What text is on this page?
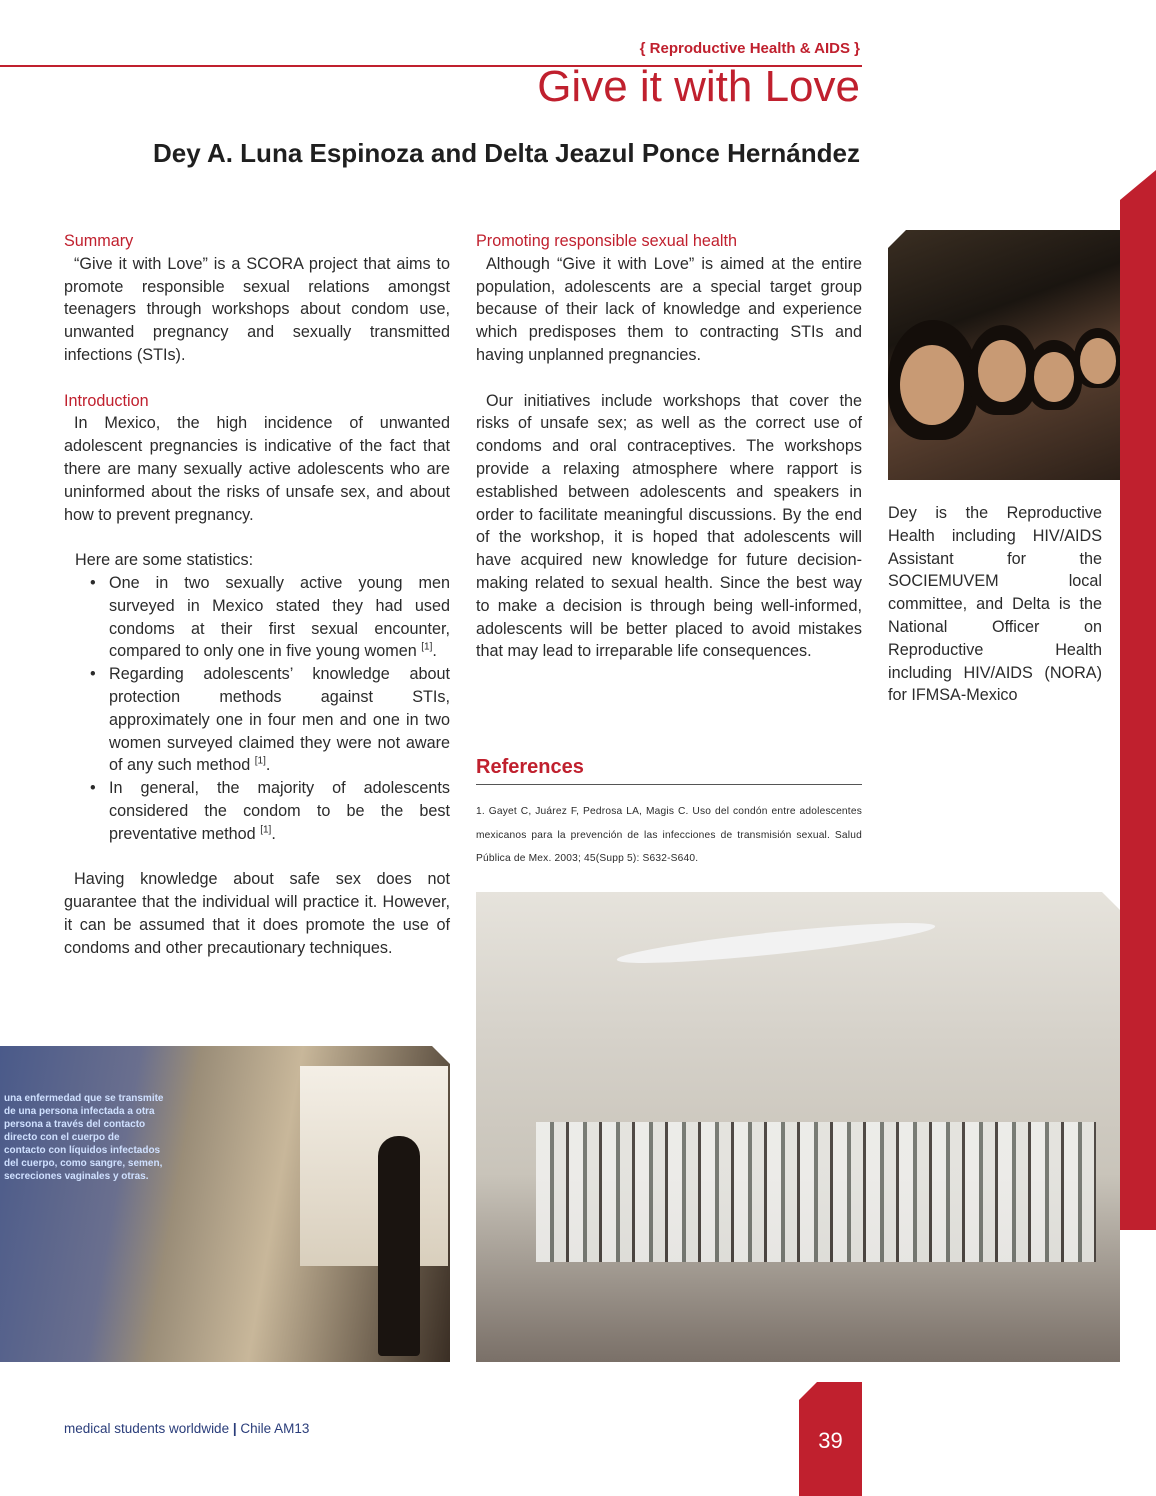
{ Reproductive Health & AIDS }
Give it with Love
Dey A. Luna Espinoza and Delta Jeazul Ponce Hernández

Summary

“Give it with Love” is a SCORA project that aims to promote responsible sexual relations amongst teenagers through workshops about condom use, unwanted pregnancy and sexually transmitted infections (STIs).

Introduction

In Mexico, the high incidence of unwanted adolescent pregnancies is indicative of the fact that there are many sexually active adolescents who are uninformed about the risks of unsafe sex, and about how to prevent pregnancy.

Here are some statistics:

• One in two sexually active young men surveyed in Mexico stated they had used condoms at their first sexual encounter, compared to only one in five young women [1].
• Regarding adolescents’ knowledge about protection methods against STIs, approximately one in four men and one in two women surveyed claimed they were not aware of any such method [1].
• In general, the majority of adolescents considered the condom to be the best preventative method [1].

Having knowledge about safe sex does not guarantee that the individual will practice it. However, it can be assumed that it does promote the use of condoms and other precautionary techniques.

Promoting responsible sexual health

Although “Give it with Love” is aimed at the entire population, adolescents are a special target group because of their lack of knowledge and experience which predisposes them to contracting STIs and having unplanned pregnancies.

Our initiatives include workshops that cover the risks of unsafe sex; as well as the correct use of condoms and oral contraceptives. The workshops provide a relaxing atmosphere where rapport is established between adolescents and speakers in order to facilitate meaningful discussions. By the end of the workshop, it is hoped that adolescents will have acquired new knowledge for future decision-making related to sexual health. Since the best way to make a decision is through being well-informed, adolescents will be better placed to avoid mistakes that may lead to irreparable life consequences.

References
1. Gayet C, Juárez F, Pedrosa LA, Magis C. Uso del condón entre adolescentes mexicanos para la prevención de las infecciones de transmisión sexual. Salud Pública de Mex. 2003; 45(Supp 5): S632-S640.
Dey is the Reproductive Health including HIV/AIDS Assistant for the SOCIEMUVEM local committee, and Delta is the National Officer on Reproductive Health including HIV/AIDS (NORA) for IFMSA-Mexico
una enfermedad que se transmite de una persona infectada a otra persona a través del contacto directo con el cuerpo de contacto con líquidos infectados del cuerpo, como sangre, semen, secreciones vaginales y otras.
medical students worldwide | Chile AM13	39
